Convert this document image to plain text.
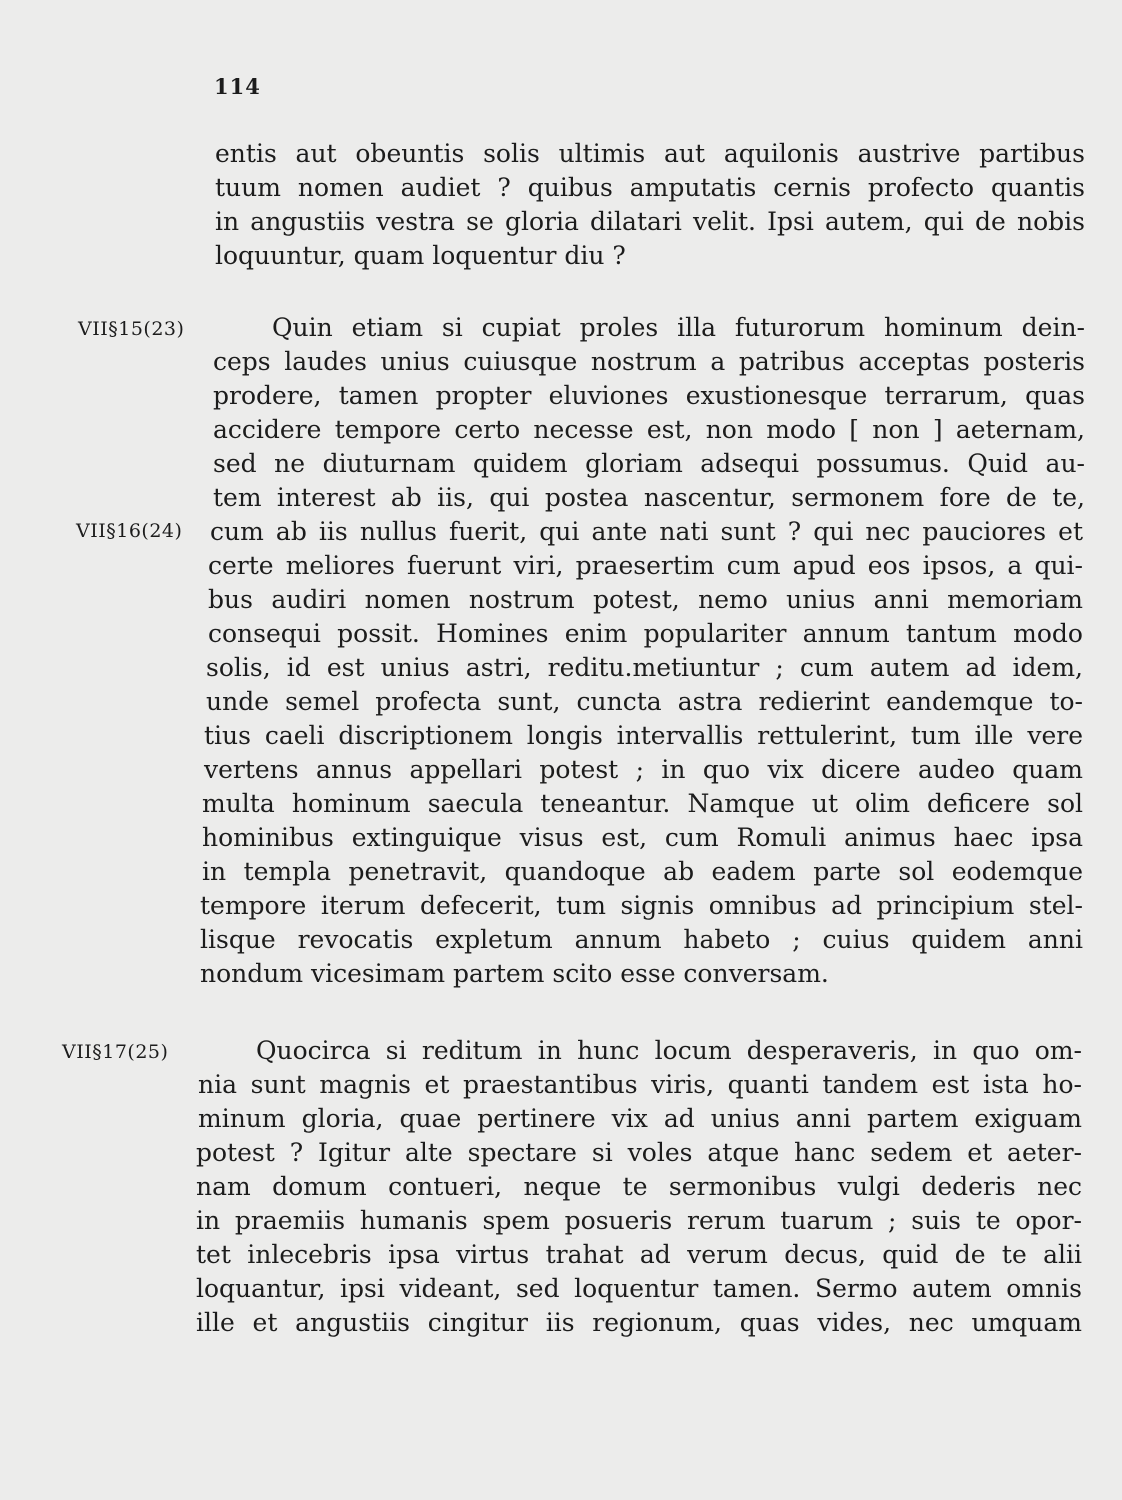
114
VII§15(23)
VII§16(24)
VII§17(25)
entis aut obeuntis solis ultimis aut aquilonis austrive partibus
tuum nomen audiet ? quibus amputatis cernis profecto quantis
in angustiis vestra se gloria dilatari velit. Ipsi autem, qui de nobis
loquuntur, quam loquentur diu ?
Quin etiam si cupiat proles illa futurorum hominum dein-
ceps laudes unius cuiusque nostrum a patribus acceptas posteris
prodere, tamen propter eluviones exustionesque terrarum, quas
accidere tempore certo necesse est, non modo [ non ] aeternam,
sed ne diuturnam quidem gloriam adsequi possumus. Quid au-
tem interest ab iis, qui postea nascentur, sermonem fore de te,
cum ab iis nullus fuerit, qui ante nati sunt ? qui nec pauciores et
certe meliores fuerunt viri, praesertim cum apud eos ipsos, a qui-
bus audiri nomen nostrum potest, nemo unius anni memoriam
consequi possit. Homines enim populariter annum tantum modo
solis, id est unius astri, reditu.metiuntur ; cum autem ad idem,
unde semel profecta sunt, cuncta astra redierint eandemque to-
tius caeli discriptionem longis intervallis rettulerint, tum ille vere
vertens annus appellari potest ; in quo vix dicere audeo quam
multa hominum saecula teneantur. Namque ut olim deficere sol
hominibus extinguique visus est, cum Romuli animus haec ipsa
in templa penetravit, quandoque ab eadem parte sol eodemque
tempore iterum defecerit, tum signis omnibus ad principium stel-
lisque revocatis expletum annum habeto ; cuius quidem anni
nondum vicesimam partem scito esse conversam.
Quocirca si reditum in hunc locum desperaveris, in quo om-
nia sunt magnis et praestantibus viris, quanti tandem est ista ho-
minum gloria, quae pertinere vix ad unius anni partem exiguam
potest ? Igitur alte spectare si voles atque hanc sedem et aeter-
nam domum contueri, neque te sermonibus vulgi dederis nec
in praemiis humanis spem posueris rerum tuarum ; suis te opor-
tet inlecebris ipsa virtus trahat ad verum decus, quid de te alii
loquantur, ipsi videant, sed loquentur tamen. Sermo autem omnis
ille et angustiis cingitur iis regionum, quas vides, nec umquam
